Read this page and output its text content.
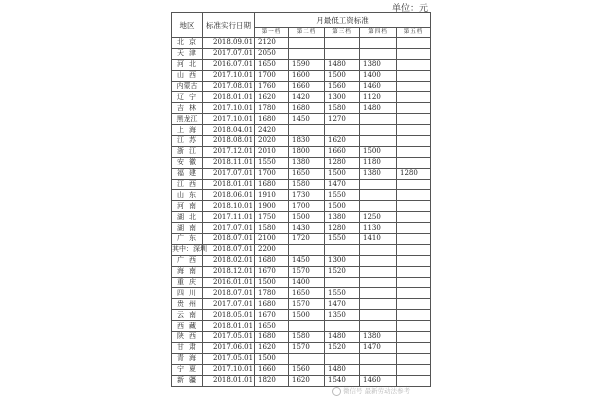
单位：元
地区	标准实行日期	月最低工资标准				
		第一档	第二档	第三档	第四档	第五档
北京	2018.09.01	2120				
天津	2017.07.01	2050				
河北	2016.07.01	1650	1590	1480	1380	
山西	2017.10.01	1700	1600	1500	1400	
内蒙古	2017.08.01	1760	1660	1560	1460	
辽宁	2018.01.01	1620	1420	1300	1120	
吉林	2017.10.01	1780	1680	1580	1480	
黑龙江	2017.10.01	1680	1450	1270		
上海	2018.04.01	2420				
江苏	2018.08.01	2020	1830	1620		
浙江	2017.12.01	2010	1800	1660	1500	
安徽	2018.11.01	1550	1380	1280	1180	
福建	2017.07.01	1700	1650	1500	1380	1280
江西	2018.01.01	1680	1580	1470		
山东	2018.06.01	1910	1730	1550		
河南	2018.10.01	1900	1700	1500		
湖北	2017.11.01	1750	1500	1380	1250	
湖南	2017.07.01	1580	1430	1280	1130	
广东	2018.07.01	2100	1720	1550	1410	
其中：深圳	2018.07.01	2200				
广西	2018.02.01	1680	1450	1300		
海南	2018.12.01	1670	1570	1520		
重庆	2016.01.01	1500	1400			
四川	2018.07.01	1780	1650	1550		
贵州	2017.07.01	1680	1570	1470		
云南	2018.05.01	1670	1500	1350		
西藏	2018.01.01	1650				
陕西	2017.05.01	1680	1580	1480	1380	
甘肃	2017.06.01	1620	1570	1520	1470	
青海	2017.05.01	1500				
宁夏	2017.10.01	1660	1560	1480		
新疆	2018.01.01	1820	1620	1540	1460	
微信号 最新劳动法参考
